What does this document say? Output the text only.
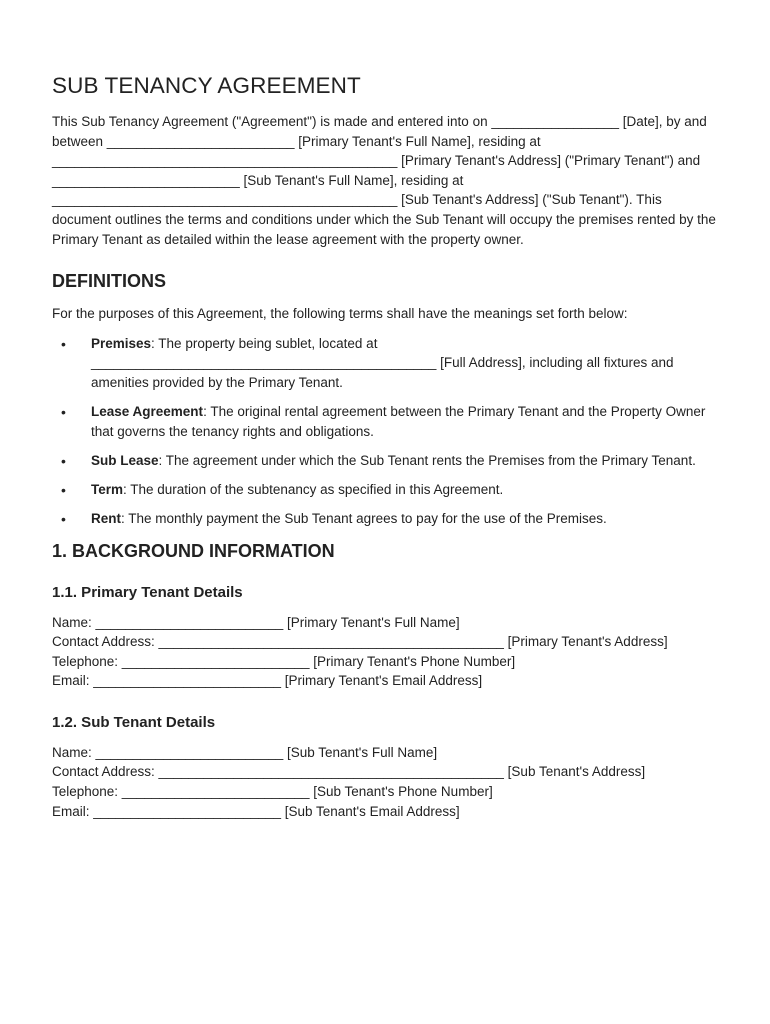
SUB TENANCY AGREEMENT

This Sub Tenancy Agreement ("Agreement") is made and entered into on _________________ [Date], by and between _________________________ [Primary Tenant's Full Name], residing at ______________________________________________ [Primary Tenant's Address] ("Primary Tenant") and _________________________ [Sub Tenant's Full Name], residing at ______________________________________________ [Sub Tenant's Address] ("Sub Tenant"). This document outlines the terms and conditions under which the Sub Tenant will occupy the premises rented by the Primary Tenant as detailed within the lease agreement with the property owner.

DEFINITIONS

For the purposes of this Agreement, the following terms shall have the meanings set forth below:

• Premises: The property being sublet, located at ______________________________________________ [Full Address], including all fixtures and amenities provided by the Primary Tenant.
• Lease Agreement: The original rental agreement between the Primary Tenant and the Property Owner that governs the tenancy rights and obligations.
• Sub Lease: The agreement under which the Sub Tenant rents the Premises from the Primary Tenant.
• Term: The duration of the subtenancy as specified in this Agreement.
• Rent: The monthly payment the Sub Tenant agrees to pay for the use of the Premises.
1. BACKGROUND INFORMATION
1.1. Primary Tenant Details
Name: _________________________ [Primary Tenant's Full Name]
Contact Address: ______________________________________________ [Primary Tenant's Address]
Telephone: _________________________ [Primary Tenant's Phone Number]
Email: _________________________ [Primary Tenant's Email Address]
1.2. Sub Tenant Details
Name: _________________________ [Sub Tenant's Full Name]
Contact Address: ______________________________________________ [Sub Tenant's Address]
Telephone: _________________________ [Sub Tenant's Phone Number]
Email: _________________________ [Sub Tenant's Email Address]
